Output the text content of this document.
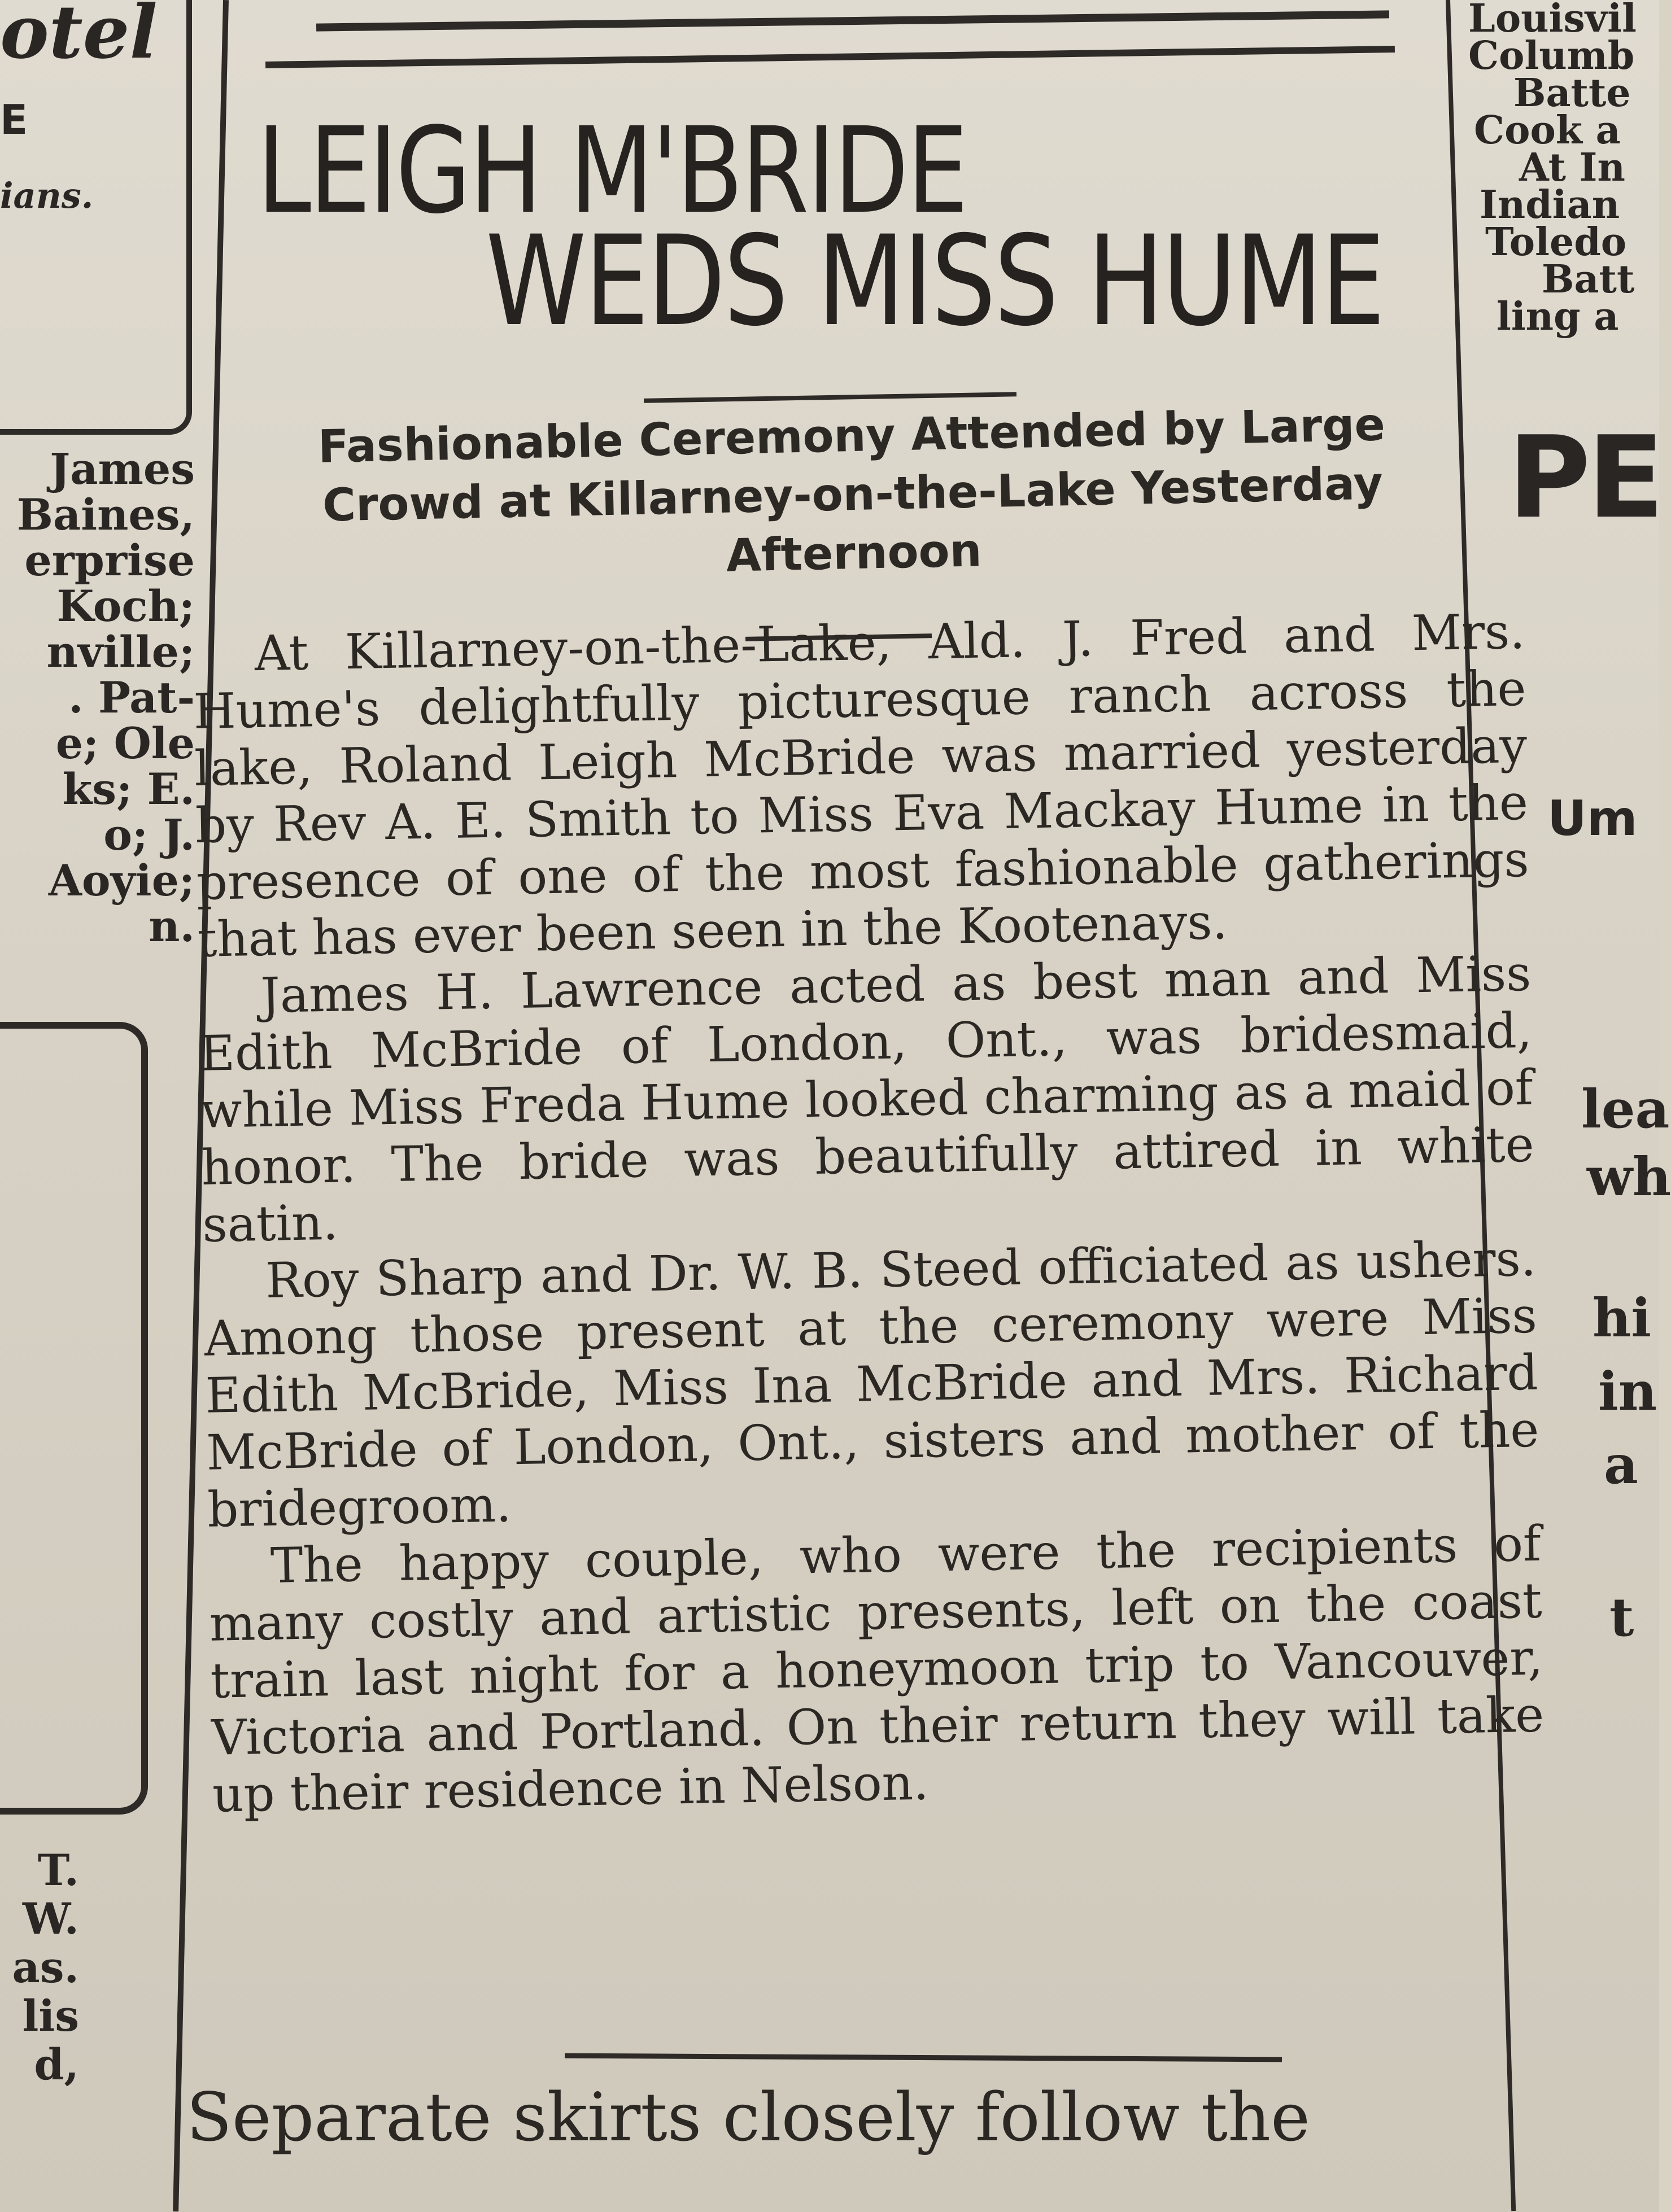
otel
E
ians.
James
Baines,
erprise
Koch;
nville;
. Pat-
e; Ole
ks; E.
o; J.
Aoyie;
n.
T.
W.
as.
lis
d,
LEIGH M'BRIDE
WEDS MISS HUME
Fashionable Ceremony Attended by Large Crowd at Killarney-on-the-Lake Yesterday Afternoon

At Killarney-on-the-Lake, Ald. J. Fred and Mrs. Hume's delightfully picturesque ranch across the lake, Roland Leigh McBride was married yesterday by Rev A. E. Smith to Miss Eva Mackay Hume in the presence of one of the most fashionable gatherings that has ever been seen in the Kootenays.

James H. Lawrence acted as best man and Miss Edith McBride of London, Ont., was bridesmaid, while Miss Freda Hume looked charming as a maid of honor. The bride was beautifully attired in white satin.

Roy Sharp and Dr. W. B. Steed officiated as ushers. Among those present at the ceremony were Miss Edith McBride, Miss Ina McBride and Mrs. Richard McBride of London, Ont., sisters and mother of the bridegroom.

The happy couple, who were the recipients of many costly and artistic presents, left on the coast train last night for a honeymoon trip to Vancouver, Victoria and Portland. On their return they will take up their residence in Nelson.

Separate skirts closely follow the
Louisvil
Columb
Batte
Cook a
At In
Indian
Toledo
Batt
ling a
PE
Um
lea
wh
hi
in
a
t
